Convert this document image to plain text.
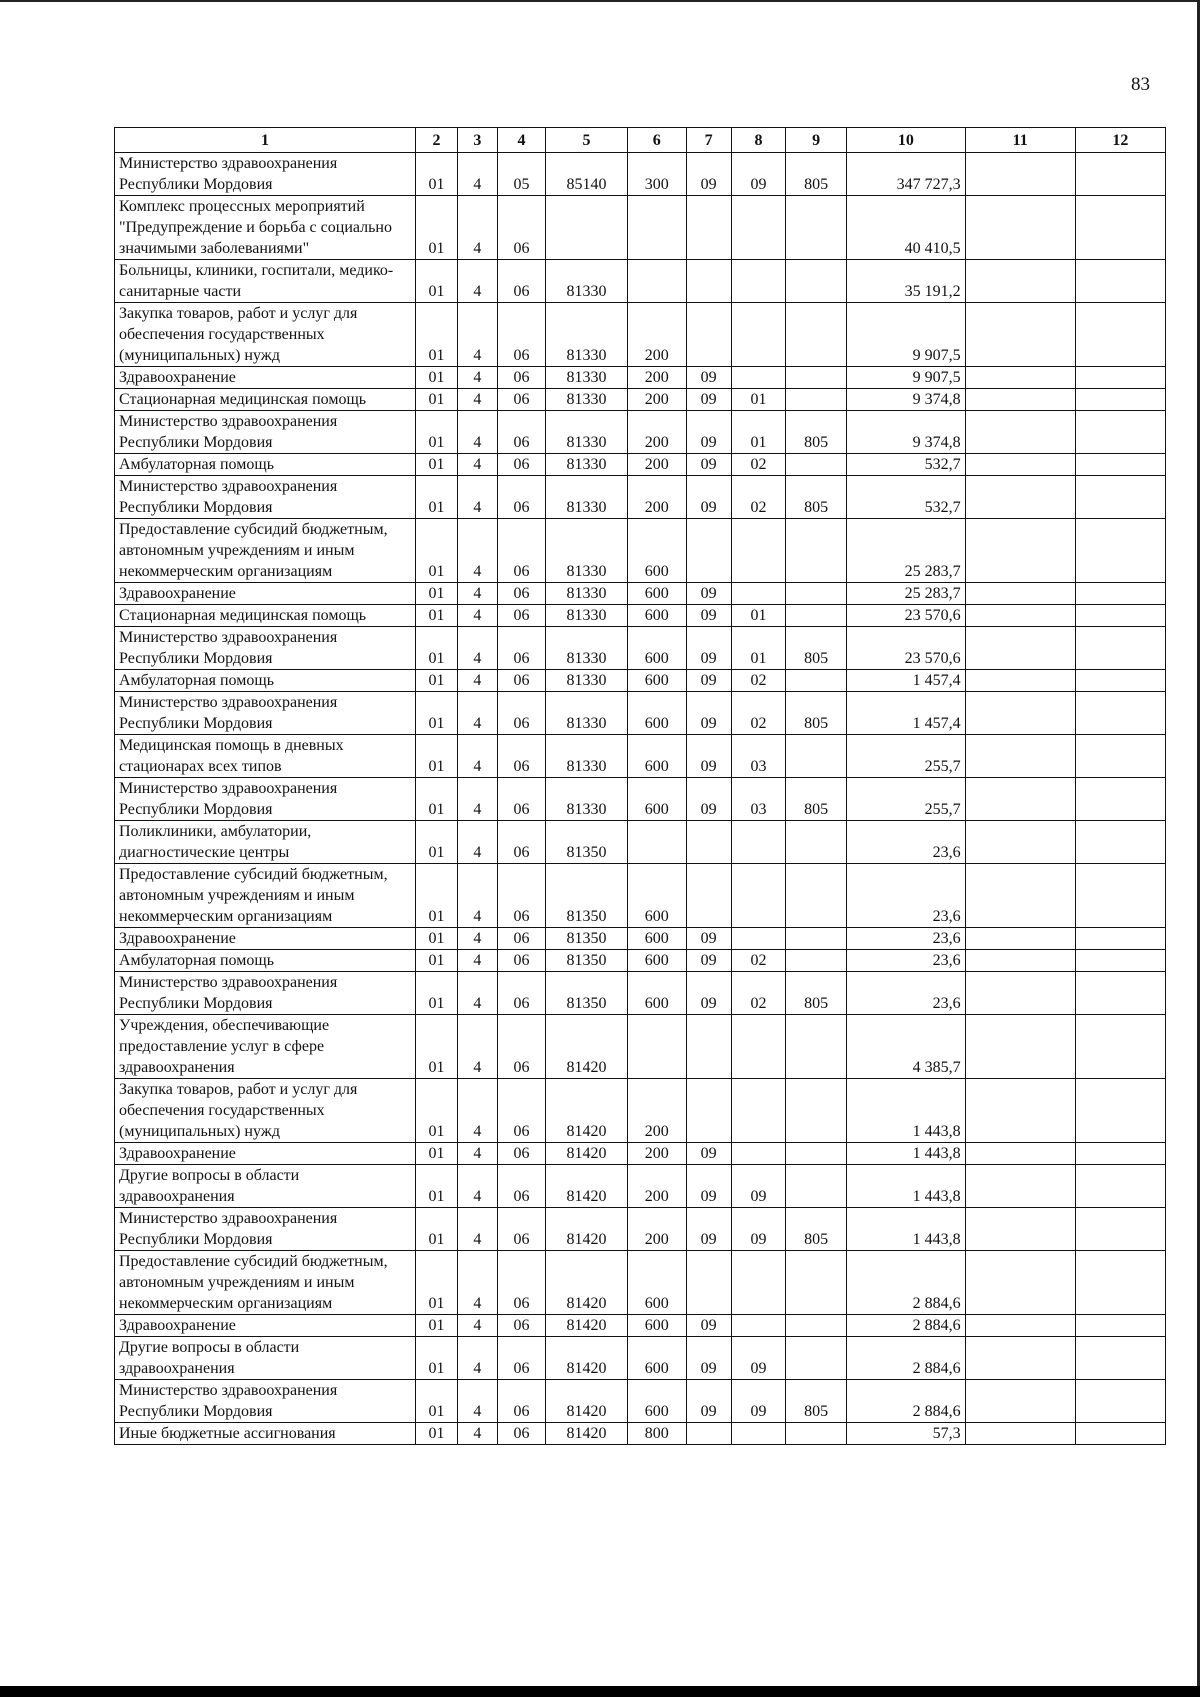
83
1	2	3	4	5	6	7	8	9	10	11	12
Министерство здравоохранения Республики Мордовия	01	4	05	85140	300	09	09	805	347 727,3		
Комплекс процессных мероприятий "Предупреждение и борьба с социально значимыми заболеваниями"	01	4	06						40 410,5		
Больницы, клиники, госпитали, медико-санитарные части	01	4	06	81330					35 191,2		
Закупка товаров, работ и услуг для обеспечения государственных (муниципальных) нужд	01	4	06	81330	200				9 907,5		
Здравоохранение	01	4	06	81330	200	09			9 907,5		
Стационарная медицинская помощь	01	4	06	81330	200	09	01		9 374,8		
Министерство здравоохранения Республики Мордовия	01	4	06	81330	200	09	01	805	9 374,8		
Амбулаторная помощь	01	4	06	81330	200	09	02		532,7		
Министерство здравоохранения Республики Мордовия	01	4	06	81330	200	09	02	805	532,7		
Предоставление субсидий бюджетным, автономным учреждениям и иным некоммерческим организациям	01	4	06	81330	600				25 283,7		
Здравоохранение	01	4	06	81330	600	09			25 283,7		
Стационарная медицинская помощь	01	4	06	81330	600	09	01		23 570,6		
Министерство здравоохранения Республики Мордовия	01	4	06	81330	600	09	01	805	23 570,6		
Амбулаторная помощь	01	4	06	81330	600	09	02		1 457,4		
Министерство здравоохранения Республики Мордовия	01	4	06	81330	600	09	02	805	1 457,4		
Медицинская помощь в дневных стационарах всех типов	01	4	06	81330	600	09	03		255,7		
Министерство здравоохранения Республики Мордовия	01	4	06	81330	600	09	03	805	255,7		
Поликлиники, амбулатории, диагностические центры	01	4	06	81350					23,6		
Предоставление субсидий бюджетным, автономным учреждениям и иным некоммерческим организациям	01	4	06	81350	600				23,6		
Здравоохранение	01	4	06	81350	600	09			23,6		
Амбулаторная помощь	01	4	06	81350	600	09	02		23,6		
Министерство здравоохранения Республики Мордовия	01	4	06	81350	600	09	02	805	23,6		
Учреждения, обеспечивающие предоставление услуг в сфере здравоохранения	01	4	06	81420					4 385,7		
Закупка товаров, работ и услуг для обеспечения государственных (муниципальных) нужд	01	4	06	81420	200				1 443,8		
Здравоохранение	01	4	06	81420	200	09			1 443,8		
Другие вопросы в области здравоохранения	01	4	06	81420	200	09	09		1 443,8		
Министерство здравоохранения Республики Мордовия	01	4	06	81420	200	09	09	805	1 443,8		
Предоставление субсидий бюджетным, автономным учреждениям и иным некоммерческим организациям	01	4	06	81420	600				2 884,6		
Здравоохранение	01	4	06	81420	600	09			2 884,6		
Другие вопросы в области здравоохранения	01	4	06	81420	600	09	09		2 884,6		
Министерство здравоохранения Республики Мордовия	01	4	06	81420	600	09	09	805	2 884,6		
Иные бюджетные ассигнования	01	4	06	81420	800				57,3		
